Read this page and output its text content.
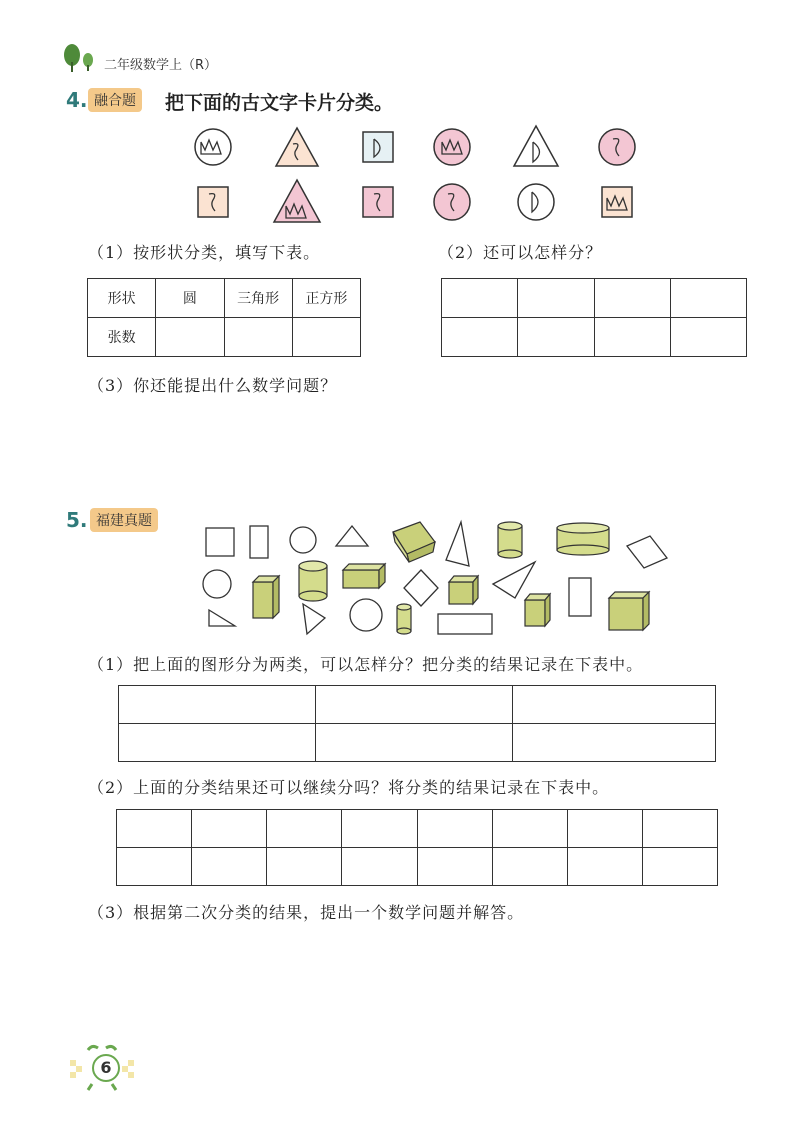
二年级数学上（R）
4. 融合题	把下面的古文字卡片分类。
（1）按形状分类，填写下表。	（2）还可以怎样分？
形状	圆	三角形	正方形
张数			

（3）你还能提出什么数学问题？
5. 福建真题
（1）把上面的图形分为两类，可以怎样分？把分类的结果记录在下表中。

（2）上面的分类结果还可以继续分吗？将分类的结果记录在下表中。

（3）根据第二次分类的结果，提出一个数学问题并解答。
6
